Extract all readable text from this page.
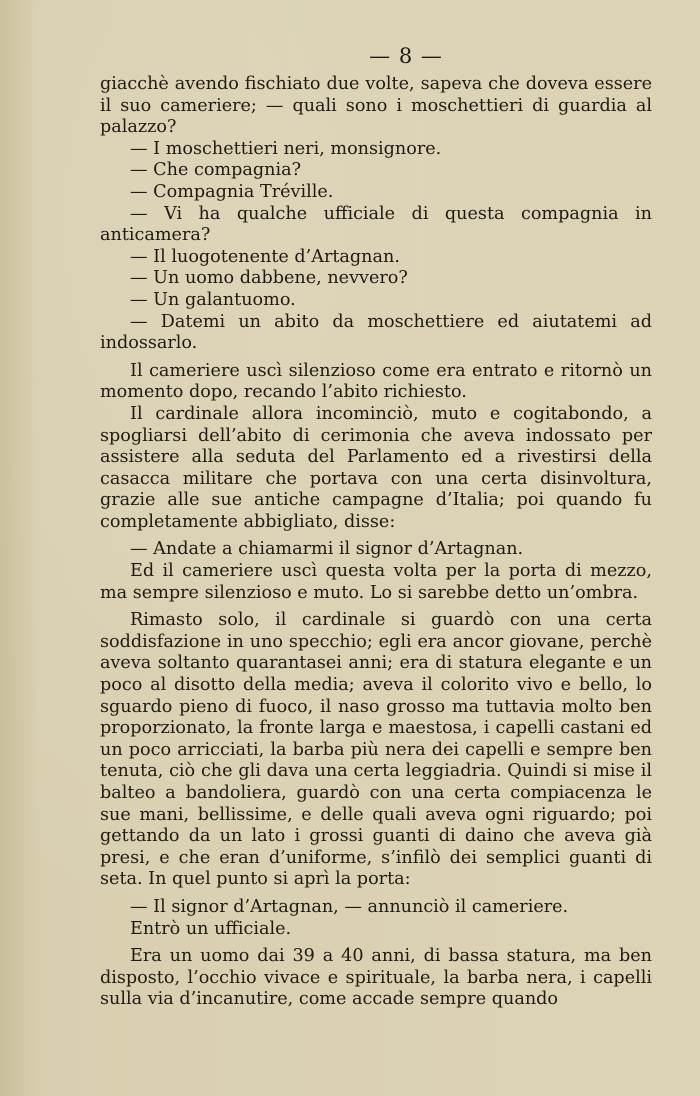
— 8 —

giacchè avendo fischiato due volte, sapeva che doveva essere il suo cameriere; — quali sono i moschettieri di guardia al palazzo?

— I moschettieri neri, monsignore.

— Che compagnia?

— Compagnia Tréville.

— Vi ha qualche ufficiale di questa compagnia in anticamera?

— Il luogotenente d’Artagnan.

— Un uomo dabbene, nevvero?

— Un galantuomo.

— Datemi un abito da moschettiere ed aiutatemi ad indossarlo.

Il cameriere uscì silenzioso come era entrato e ritornò un momento dopo, recando l’abito richiesto.

Il cardinale allora incominciò, muto e cogitabondo, a spogliarsi dell’abito di cerimonia che aveva indossato per assistere alla seduta del Parlamento ed a rivestirsi della casacca militare che portava con una certa disinvoltura, grazie alle sue antiche campagne d’Italia; poi quando fu completamente abbigliato, disse:

— Andate a chiamarmi il signor d’Artagnan.

Ed il cameriere uscì questa volta per la porta di mezzo, ma sempre silenzioso e muto. Lo si sarebbe detto un’ombra.

Rimasto solo, il cardinale si guardò con una certa soddisfazione in uno specchio; egli era ancor giovane, perchè aveva soltanto quarantasei anni; era di statura elegante e un poco al disotto della media; aveva il colorito vivo e bello, lo sguardo pieno di fuoco, il naso grosso ma tuttavia molto ben proporzionato, la fronte larga e maestosa, i capelli castani ed un poco arricciati, la barba più nera dei capelli e sempre ben tenuta, ciò che gli dava una certa leggiadria. Quindi si mise il balteo a bandoliera, guardò con una certa compiacenza le sue mani, bellissime, e delle quali aveva ogni riguardo; poi gettando da un lato i grossi guanti di daino che aveva già presi, e che eran d’uniforme, s’infilò dei semplici guanti di seta. In quel punto si aprì la porta:

— Il signor d’Artagnan, — annunciò il cameriere.

Entrò un ufficiale.

Era un uomo dai 39 a 40 anni, di bassa statura, ma ben disposto, l’occhio vivace e spirituale, la barba nera, i capelli sulla via d’incanutire, come accade sempre quando
